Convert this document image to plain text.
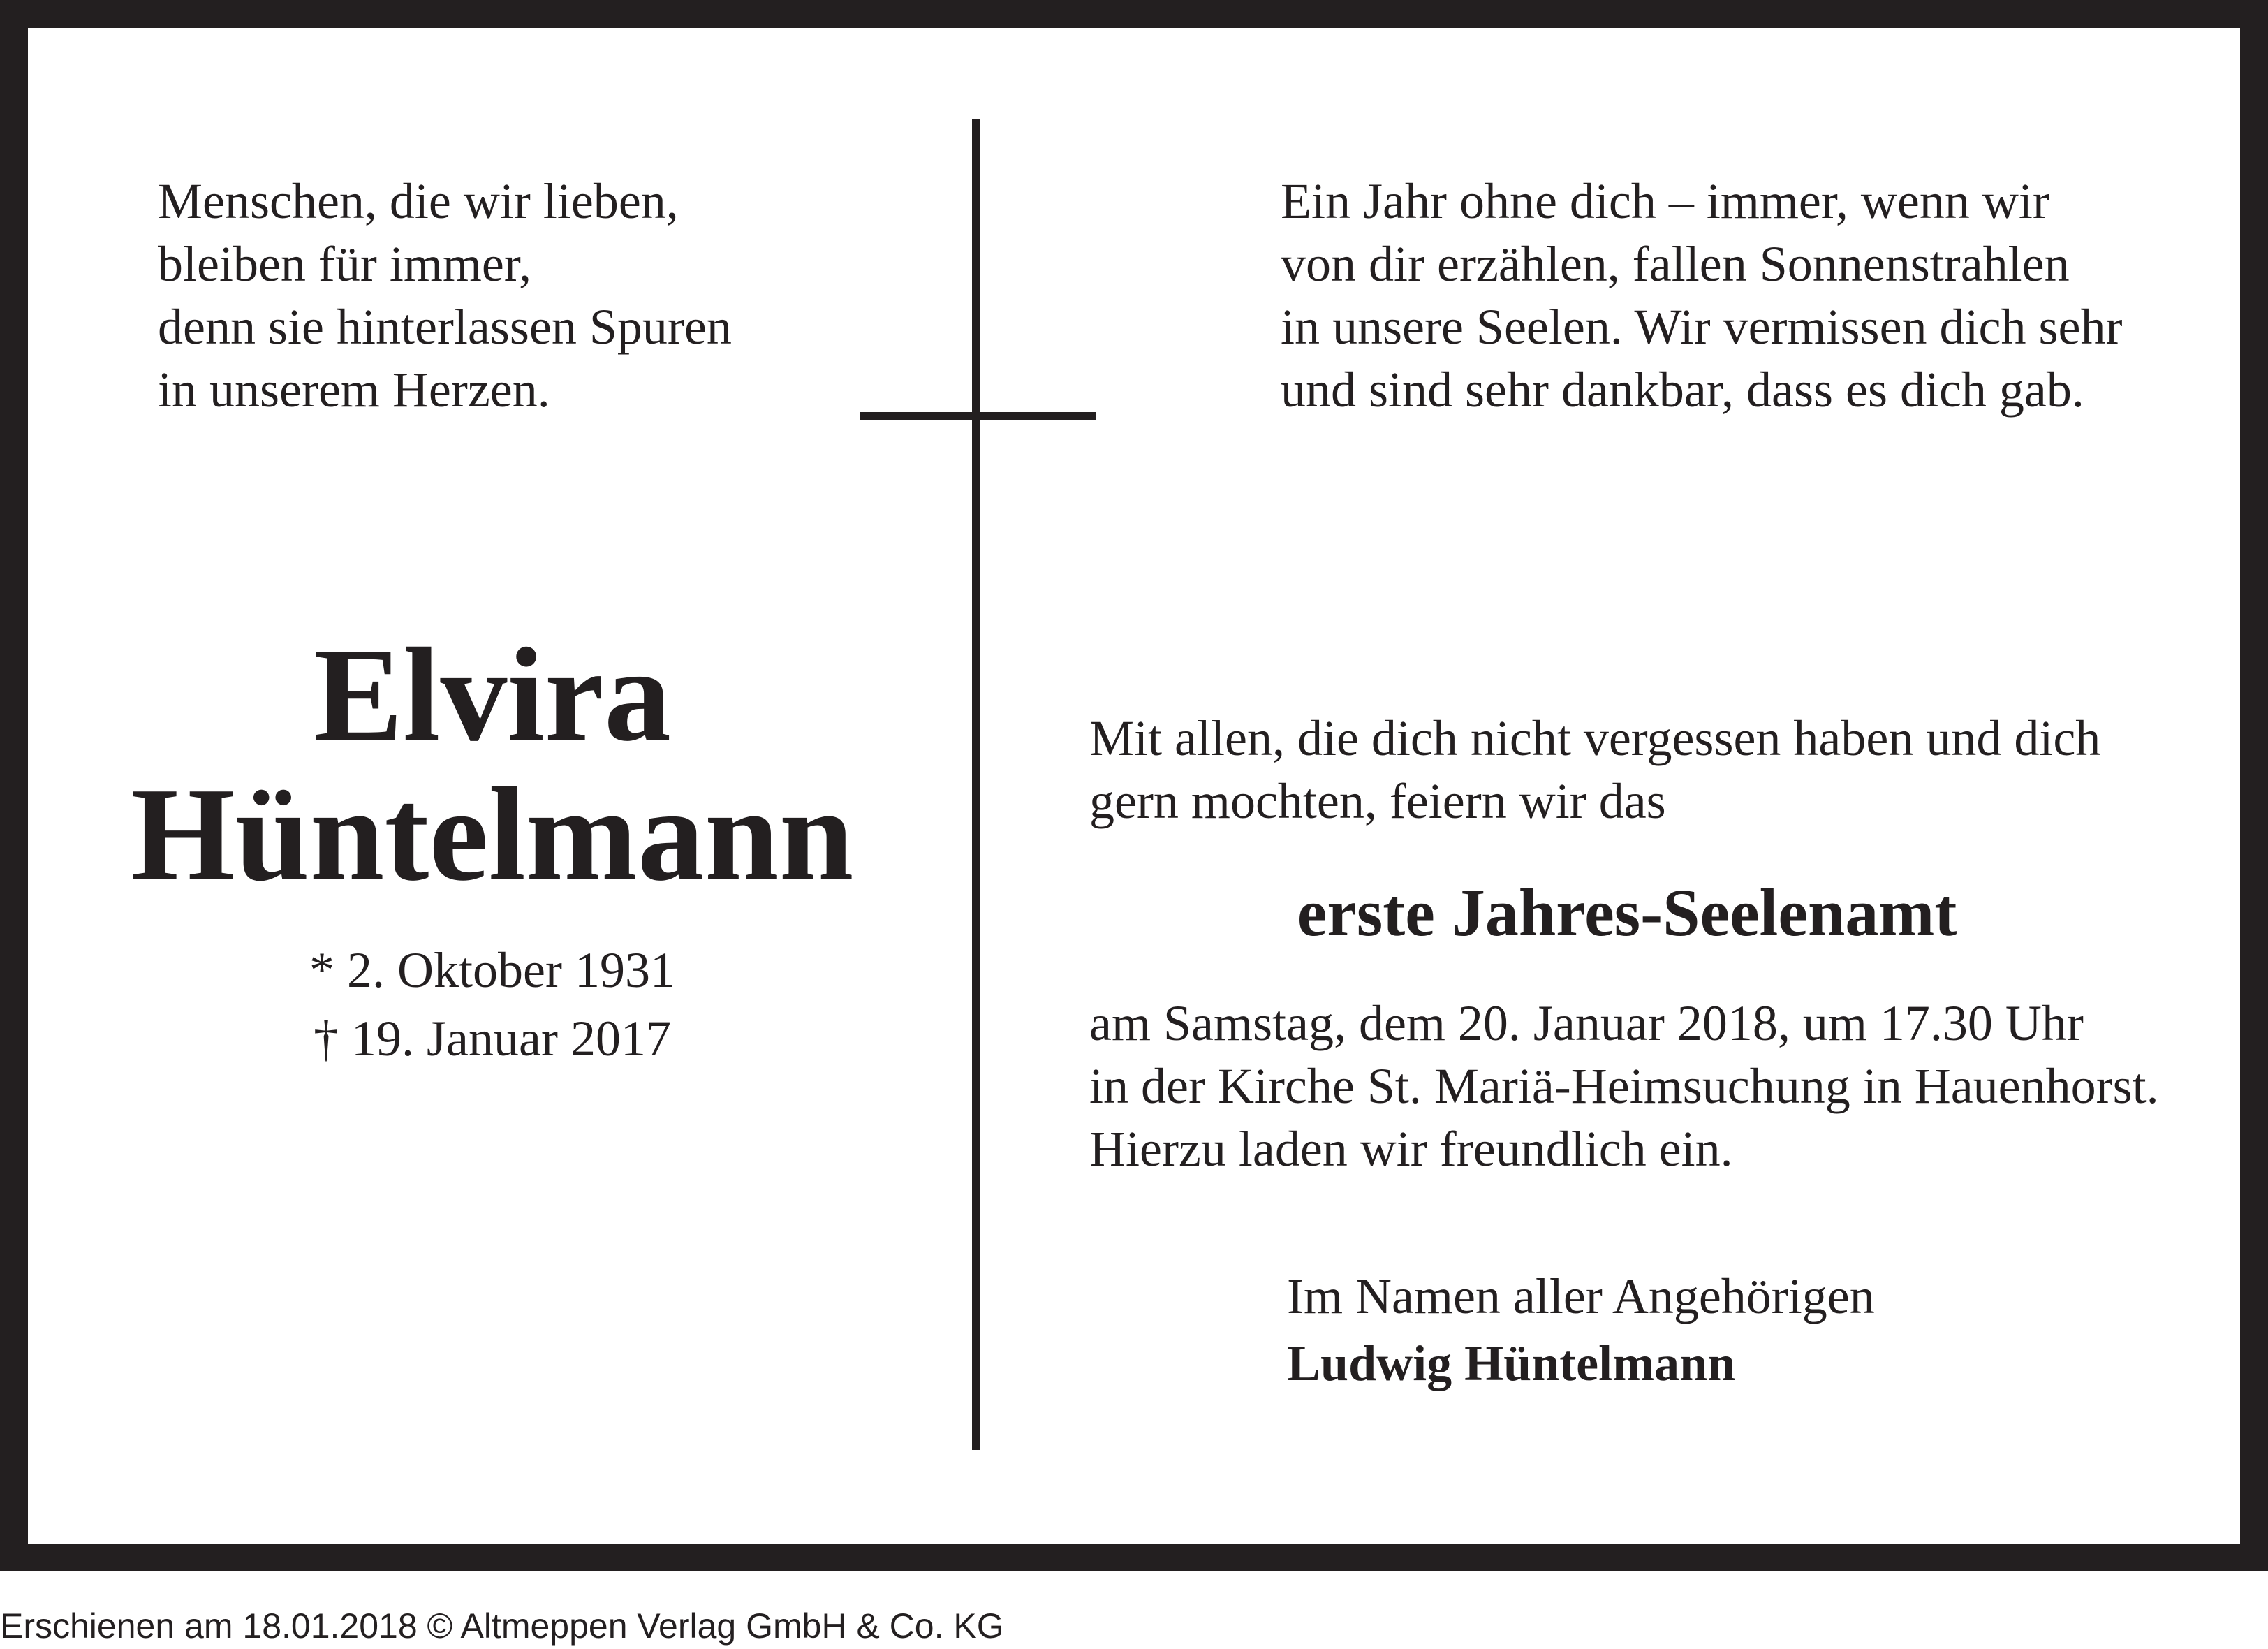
Menschen, die wir lieben,
bleiben für immer,
denn sie hinterlassen Spuren
in unserem Herzen.
Ein Jahr ohne dich – immer, wenn wir
von dir erzählen, fallen Sonnenstrahlen
in unsere Seelen. Wir vermissen dich sehr
und sind sehr dankbar, dass es dich gab.
Elvira
Hüntelmann
* 2. Oktober 1931
† 19. Januar 2017
Mit allen, die dich nicht vergessen haben und dich
gern mochten, feiern wir das
erste Jahres-Seelenamt
am Samstag, dem 20. Januar 2018, um 17.30 Uhr
in der Kirche St. Mariä-Heimsuchung in Hauenhorst.
Hierzu laden wir freundlich ein.
Im Namen aller Angehörigen
Ludwig Hüntelmann
Erschienen am 18.01.2018 © Altmeppen Verlag GmbH & Co. KG
